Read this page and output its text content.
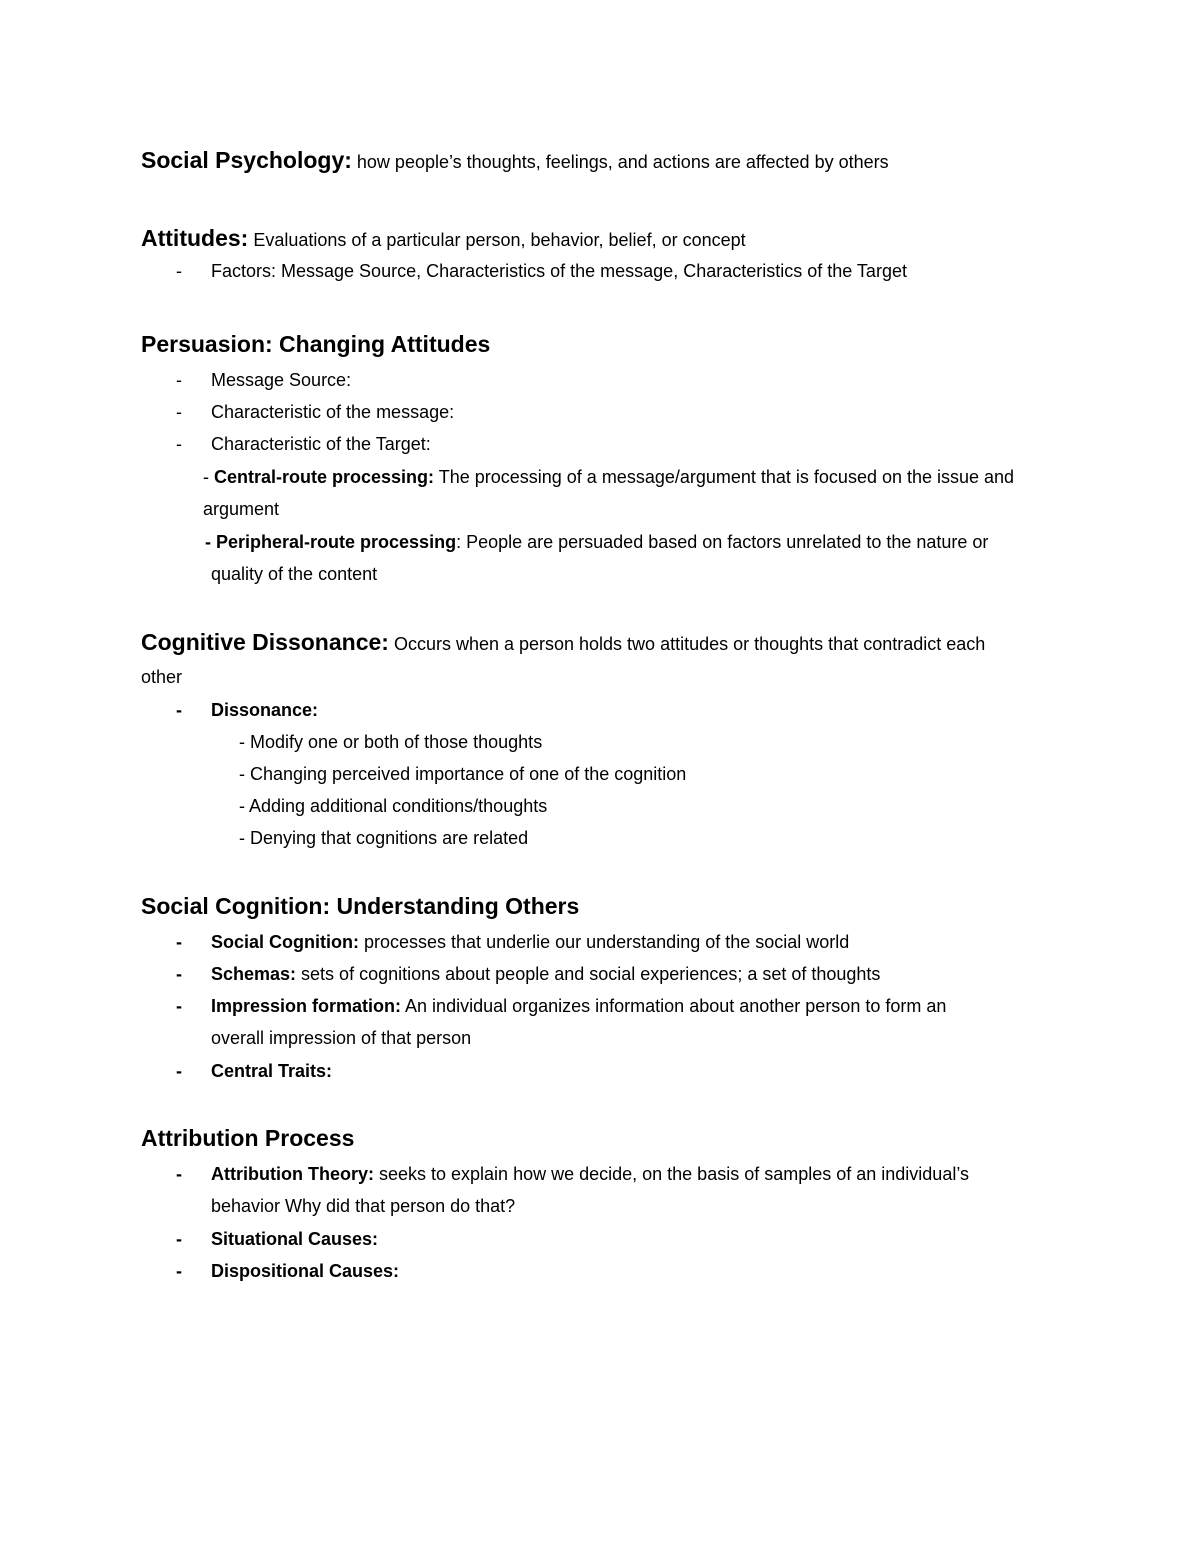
Social Psychology: how people’s thoughts, feelings, and actions are affected by others
Attitudes: Evaluations of a particular person, behavior, belief, or concept
- Factors: Message Source, Characteristics of the message, Characteristics of the Target
Persuasion: Changing Attitudes
- Message Source:
- Characteristic of the message:
- Characteristic of the Target:
- Central-route processing: The processing of a message/argument that is focused on the issue and
argument
- Peripheral-route processing: People are persuaded based on factors unrelated to the nature or
quality of the content
Cognitive Dissonance: Occurs when a person holds two attitudes or thoughts that contradict each
other
- Dissonance:
- Modify one or both of those thoughts
- Changing perceived importance of one of the cognition
- Adding additional conditions/thoughts
- Denying that cognitions are related
Social Cognition: Understanding Others
- Social Cognition: processes that underlie our understanding of the social world
- Schemas: sets of cognitions about people and social experiences; a set of thoughts
- Impression formation: An individual organizes information about another person to form an
overall impression of that person
- Central Traits:
Attribution Process
- Attribution Theory: seeks to explain how we decide, on the basis of samples of an individual’s
behavior Why did that person do that?
- Situational Causes:
- Dispositional Causes:
